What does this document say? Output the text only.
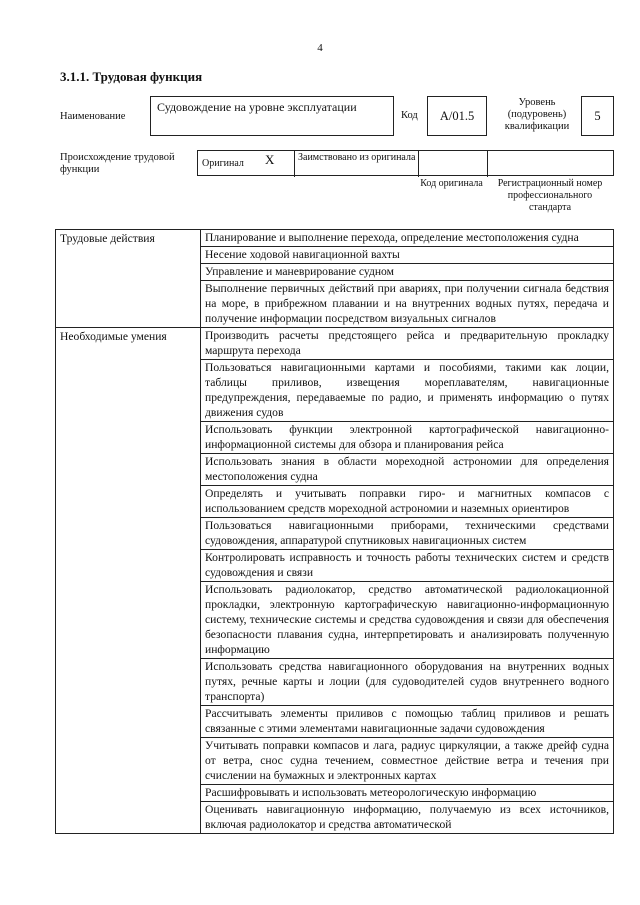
4
3.1.1. Трудовая функция
Наименование
Судовождение на уровне эксплуатации
Код А/01.5
Уровень (подуровень) квалификации
5
Происхождение трудовой функции
Оригинал	X	Заимствовано из оригинала
Код оригинала	Регистрационный номер профессионального стандарта
Трудовые действия	Планирование и выполнение перехода, определение местоположения судна
	Несение ходовой навигационной вахты
	Управление и маневрирование судном
	Выполнение первичных действий при авариях, при получении сигнала бедствия на море, в прибрежном плавании и на внутренних водных путях, передача и получение информации посредством визуальных сигналов
Необходимые умения	Производить расчеты предстоящего рейса и предварительную прокладку маршрута перехода
	Пользоваться навигационными картами и пособиями, такими как лоции, таблицы приливов, извещения мореплавателям, навигационные предупреждения, передаваемые по радио, и применять информацию о путях движения судов
	Использовать функции электронной картографической навигационно-информационной системы для обзора и планирования рейса
	Использовать знания в области мореходной астрономии для определения местоположения судна
	Определять и учитывать поправки гиро- и магнитных компасов с использованием средств мореходной астрономии и наземных ориентиров
	Пользоваться навигационными приборами, техническими средствами судовождения, аппаратурой спутниковых навигационных систем
	Контролировать исправность и точность работы технических систем и средств судовождения и связи
	Использовать радиолокатор, средство автоматической радиолокационной прокладки, электронную картографическую навигационно-информационную систему, технические системы и средства судовождения и связи для обеспечения безопасности плавания судна, интерпретировать и анализировать полученную информацию
	Использовать средства навигационного оборудования на внутренних водных путях, речные карты и лоции (для судоводителей судов внутреннего водного транспорта)
	Рассчитывать элементы приливов с помощью таблиц приливов и решать связанные с этими элементами навигационные задачи судовождения
	Учитывать поправки компасов и лага, радиус циркуляции, а также дрейф судна от ветра, снос судна течением, совместное действие ветра и течения при счислении на бумажных и электронных картах
	Расшифровывать и использовать метеорологическую информацию
	Оценивать навигационную информацию, получаемую из всех источников, включая радиолокатор и средства автоматической
